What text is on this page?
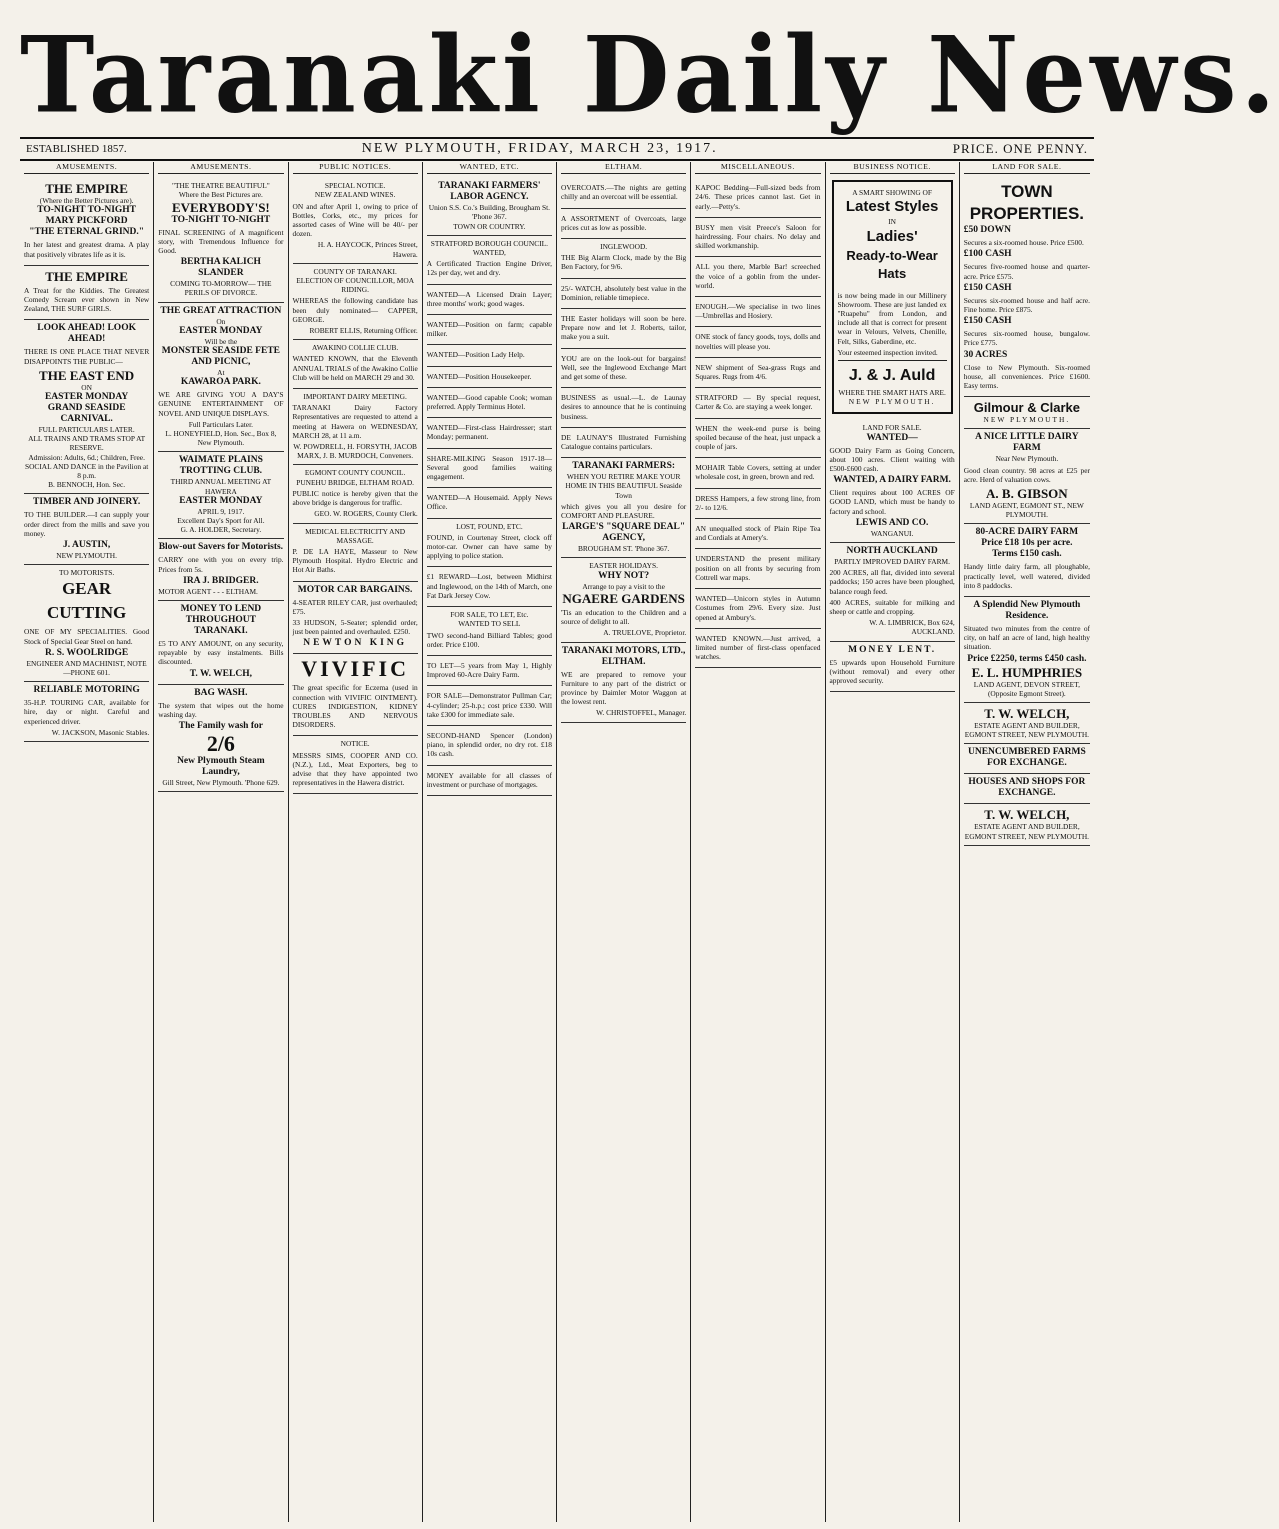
Taranaki Daily News.
ESTABLISHED 1857.	NEW PLYMOUTH, FRIDAY, MARCH 23, 1917.	PRICE. ONE PENNY.
AMUSEMENTS.
THE EMPIRE
(Where the Better Pictures are).
TO-NIGHT TO-NIGHT
MARY PICKFORD
"THE ETERNAL GRIND."
In her latest and greatest drama. A play that positively vibrates life as it is.
THE EMPIRE
A Treat for the Kiddies. The Greatest Comedy Scream ever shown in New Zealand, THE SURF GIRLS.
LOOK AHEAD! LOOK AHEAD!
THERE IS ONE PLACE THAT NEVER DISAPPOINTS THE PUBLIC—
THE EAST END
ON
EASTER MONDAY
GRAND SEASIDE CARNIVAL.
FULL PARTICULARS LATER.
ALL TRAINS AND TRAMS STOP AT RESERVE.
Admission: Adults, 6d.; Children, Free.
SOCIAL AND DANCE in the Pavilion at 8 p.m.
B. BENNOCH, Hon. Sec.
TIMBER AND JOINERY.
TO THE BUILDER.—I can supply your order direct from the mills and save you money.
J. AUSTIN,
NEW PLYMOUTH.
TO MOTORISTS.
GEAR CUTTING
ONE OF MY SPECIALITIES. Good Stock of Special Gear Steel on hand.
R. S. WOOLRIDGE
ENGINEER AND MACHINIST, NOTE—PHONE 601.
RELIABLE MOTORING
35-H.P. TOURING CAR, available for hire, day or night. Careful and experienced driver.
W. JACKSON, Masonic Stables.
AMUSEMENTS.
"THE THEATRE BEAUTIFUL"
Where the Best Pictures are.
EVERYBODY'S!
TO-NIGHT TO-NIGHT
FINAL SCREENING of A magnificent story, with Tremendous Influence for Good.
BERTHA KALICH
SLANDER
COMING TO-MORROW— THE PERILS OF DIVORCE.
THE GREAT ATTRACTION
On
EASTER MONDAY
Will be the
MONSTER SEASIDE FETE AND PICNIC,
At
KAWAROA PARK.
WE ARE GIVING YOU A DAY'S GENUINE ENTERTAINMENT OF NOVEL AND UNIQUE DISPLAYS.
Full Particulars Later.
L. HONEYFIELD, Hon. Sec., Box 8, New Plymouth.
WAIMATE PLAINS TROTTING CLUB.
THIRD ANNUAL MEETING AT HAWERA
EASTER MONDAY
APRIL 9, 1917.
Excellent Day's Sport for All.
G. A. HOLDER, Secretary.
Blow-out Savers for Motorists.
CARRY one with you on every trip. Prices from 5s.
IRA J. BRIDGER.
MOTOR AGENT - - - ELTHAM.
MONEY TO LEND THROUGHOUT TARANAKI.
£5 TO ANY AMOUNT, on any security, repayable by easy instalments. Bills discounted.
T. W. WELCH,
BAG WASH.
The system that wipes out the home washing day.
The Family wash for
2/6
New Plymouth Steam Laundry,
Gill Street, New Plymouth. 'Phone 629.
PUBLIC NOTICES.
SPECIAL NOTICE.
NEW ZEALAND WINES.
ON and after April 1, owing to price of Bottles, Corks, etc., my prices for assorted cases of Wine will be 40/- per dozen.
H. A. HAYCOCK, Princes Street, Hawera.
COUNTY OF TARANAKI.
ELECTION OF COUNCILLOR, MOA RIDING.
WHEREAS the following candidate has been duly nominated— CAPPER, GEORGE.
ROBERT ELLIS, Returning Officer.
AWAKINO COLLIE CLUB.
WANTED KNOWN, that the Eleventh ANNUAL TRIALS of the Awakino Collie Club will be held on MARCH 29 and 30.
IMPORTANT DAIRY MEETING.
TARANAKI Dairy Factory Representatives are requested to attend a meeting at Hawera on WEDNESDAY, MARCH 28, at 11 a.m.
W. POWDRELL, H. FORSYTH, JACOB MARX, J. B. MURDOCH, Conveners.
EGMONT COUNTY COUNCIL.
PUNEHU BRIDGE, ELTHAM ROAD.
PUBLIC notice is hereby given that the above bridge is dangerous for traffic.
GEO. W. ROGERS, County Clerk.
MEDICAL ELECTRICITY AND MASSAGE.
P. DE LA HAYE, Masseur to New Plymouth Hospital. Hydro Electric and Hot Air Baths.
MOTOR CAR BARGAINS.
4-SEATER RILEY CAR, just overhauled; £75.
33 HUDSON, 5-Seater; splendid order, just been painted and overhauled. £250.
NEWTON KING
VIVIFIC
The great specific for Eczema (used in connection with VIVIFIC OINTMENT). CURES INDIGESTION, KIDNEY TROUBLES AND NERVOUS DISORDERS.
NOTICE.
MESSRS SIMS, COOPER AND CO. (N.Z.), Ltd., Meat Exporters, beg to advise that they have appointed two representatives in the Hawera district.
WANTED, ETC.
TARANAKI FARMERS' LABOR AGENCY.
Union S.S. Co.'s Building, Brougham St. 'Phone 367.
TOWN OR COUNTRY.
STRATFORD BOROUGH COUNCIL.
WANTED,
A Certificated Traction Engine Driver, 12s per day, wet and dry.
WANTED—A Licensed Drain Layer; three months' work; good wages.
WANTED—Position on farm; capable milker.
WANTED—Position Lady Help.
WANTED—Position Housekeeper.
WANTED—Good capable Cook; woman preferred. Apply Terminus Hotel.
WANTED—First-class Hairdresser; start Monday; permanent.
SHARE-MILKING Season 1917-18— Several good families waiting engagement.
WANTED—A Housemaid. Apply News Office.
LOST, FOUND, ETC.
FOUND, in Courtenay Street, clock off motor-car. Owner can have same by applying to police station.
£1 REWARD—Lost, between Midhirst and Inglewood, on the 14th of March, one Fat Dark Jersey Cow.
FOR SALE, TO LET, Etc.
WANTED TO SELL
TWO second-hand Billiard Tables; good order. Price £100.
TO LET—5 years from May 1, Highly Improved 60-Acre Dairy Farm.
FOR SALE—Demonstrator Pullman Car; 4-cylinder; 25-h.p.; cost price £330. Will take £300 for immediate sale.
SECOND-HAND Spencer (London) piano, in splendid order, no dry rot. £18 10s cash.
MONEY available for all classes of investment or purchase of mortgages.
ELTHAM.
OVERCOATS.—The nights are getting chilly and an overcoat will be essential.
A ASSORTMENT of Overcoats, large prices cut as low as possible.
INGLEWOOD.
THE Big Alarm Clock, made by the Big Ben Factory, for 9/6.
25/- WATCH, absolutely best value in the Dominion, reliable timepiece.
THE Easter holidays will soon be here. Prepare now and let J. Roberts, tailor, make you a suit.
YOU are on the look-out for bargains! Well, see the Inglewood Exchange Mart and get some of these.
BUSINESS as usual.—L. de Launay desires to announce that he is continuing business.
DE LAUNAY'S Illustrated Furnishing Catalogue contains particulars.
TARANAKI FARMERS:
WHEN YOU RETIRE MAKE YOUR HOME IN THIS BEAUTIFUL Seaside Town
which gives you all you desire for COMFORT AND PLEASURE.
LARGE'S "SQUARE DEAL" AGENCY,
BROUGHAM ST. 'Phone 367.
EASTER HOLIDAYS.
WHY NOT?
Arrange to pay a visit to the
NGAERE GARDENS
'Tis an education to the Children and a source of delight to all.
A. TRUELOVE, Proprietor.
TARANAKI MOTORS, LTD., ELTHAM.
WE are prepared to remove your Furniture to any part of the district or province by Daimler Motor Waggon at the lowest rent.
W. CHRISTOFFEL, Manager.
MISCELLANEOUS.
KAPOC Bedding—Full-sized beds from 24/6. These prices cannot last. Get in early.—Petty's.
BUSY men visit Preece's Saloon for hairdressing. Four chairs. No delay and skilled workmanship.
ALL you there, Marble Bar! screeched the voice of a goblin from the under-world.
ENOUGH.—We specialise in two lines —Umbrellas and Hosiery.
ONE stock of fancy goods, toys, dolls and novelties will please you.
NEW shipment of Sea-grass Rugs and Squares. Rugs from 4/6.
STRATFORD — By special request, Carter & Co. are staying a week longer.
WHEN the week-end purse is being spoiled because of the heat, just unpack a couple of jars.
MOHAIR Table Covers, setting at under wholesale cost, in green, brown and red.
DRESS Hampers, a few strong line, from 2/- to 12/6.
AN unequalled stock of Plain Ripe Tea and Cordials at Amery's.
UNDERSTAND the present military position on all fronts by securing from Cottrell war maps.
WANTED—Unicorn styles in Autumn Costumes from 29/6. Every size. Just opened at Ambury's.
WANTED KNOWN.—Just arrived, a limited number of first-class openfaced watches.
BUSINESS NOTICE.
A SMART SHOWING OF
Latest Styles
IN
Ladies'
Ready-to-Wear Hats
is now being made in our Millinery Showroom. These are just landed ex "Ruapehu" from London, and include all that is correct for present wear in Velours, Velvets, Chenille, Felt, Silks, Gaberdine, etc.
Your esteemed inspection invited.
J. & J. Auld
WHERE THE SMART HATS ARE.
NEW PLYMOUTH.
LAND FOR SALE.
WANTED—
GOOD Dairy Farm as Going Concern, about 100 acres. Client waiting with £500-£600 cash.
WANTED, A DAIRY FARM.
Client requires about 100 ACRES OF GOOD LAND, which must be handy to factory and school.
LEWIS AND CO.
WANGANUI.
NORTH AUCKLAND
PARTLY IMPROVED DAIRY FARM.
200 ACRES, all flat, divided into several paddocks; 150 acres have been ploughed, balance rough feed.
400 ACRES, suitable for milking and sheep or cattle and cropping.
W. A. LIMBRICK, Box 624, AUCKLAND.
MONEY LENT.
£5 upwards upon Household Furniture (without removal) and every other approved security.
LAND FOR SALE.
TOWN PROPERTIES.
£50 DOWN
Secures a six-roomed house. Price £500.
£100 CASH
Secures five-roomed house and quarter-acre. Price £575.
£150 CASH
Secures six-roomed house and half acre. Fine home. Price £875.
£150 CASH
Secures six-roomed house, bungalow. Price £775.
30 ACRES
Close to New Plymouth. Six-roomed house, all conveniences. Price £1600. Easy terms.
Gilmour & Clarke
NEW PLYMOUTH.
A NICE LITTLE DAIRY FARM
Near New Plymouth.
Good clean country. 98 acres at £25 per acre. Herd of valuation cows.
A. B. GIBSON
LAND AGENT, EGMONT ST., NEW PLYMOUTH.
80-ACRE DAIRY FARM
Price £18 10s per acre.
Terms £150 cash.
Handy little dairy farm, all ploughable, practically level, well watered, divided into 8 paddocks.
A Splendid New Plymouth Residence.
Situated two minutes from the centre of city, on half an acre of land, high healthy situation.
Price £2250, terms £450 cash.
E. L. HUMPHRIES
LAND AGENT, DEVON STREET, (Opposite Egmont Street).
T. W. WELCH,
ESTATE AGENT AND BUILDER, EGMONT STREET, NEW PLYMOUTH.
UNENCUMBERED FARMS FOR EXCHANGE.
HOUSES AND SHOPS FOR EXCHANGE.
T. W. WELCH,
ESTATE AGENT AND BUILDER, EGMONT STREET, NEW PLYMOUTH.
